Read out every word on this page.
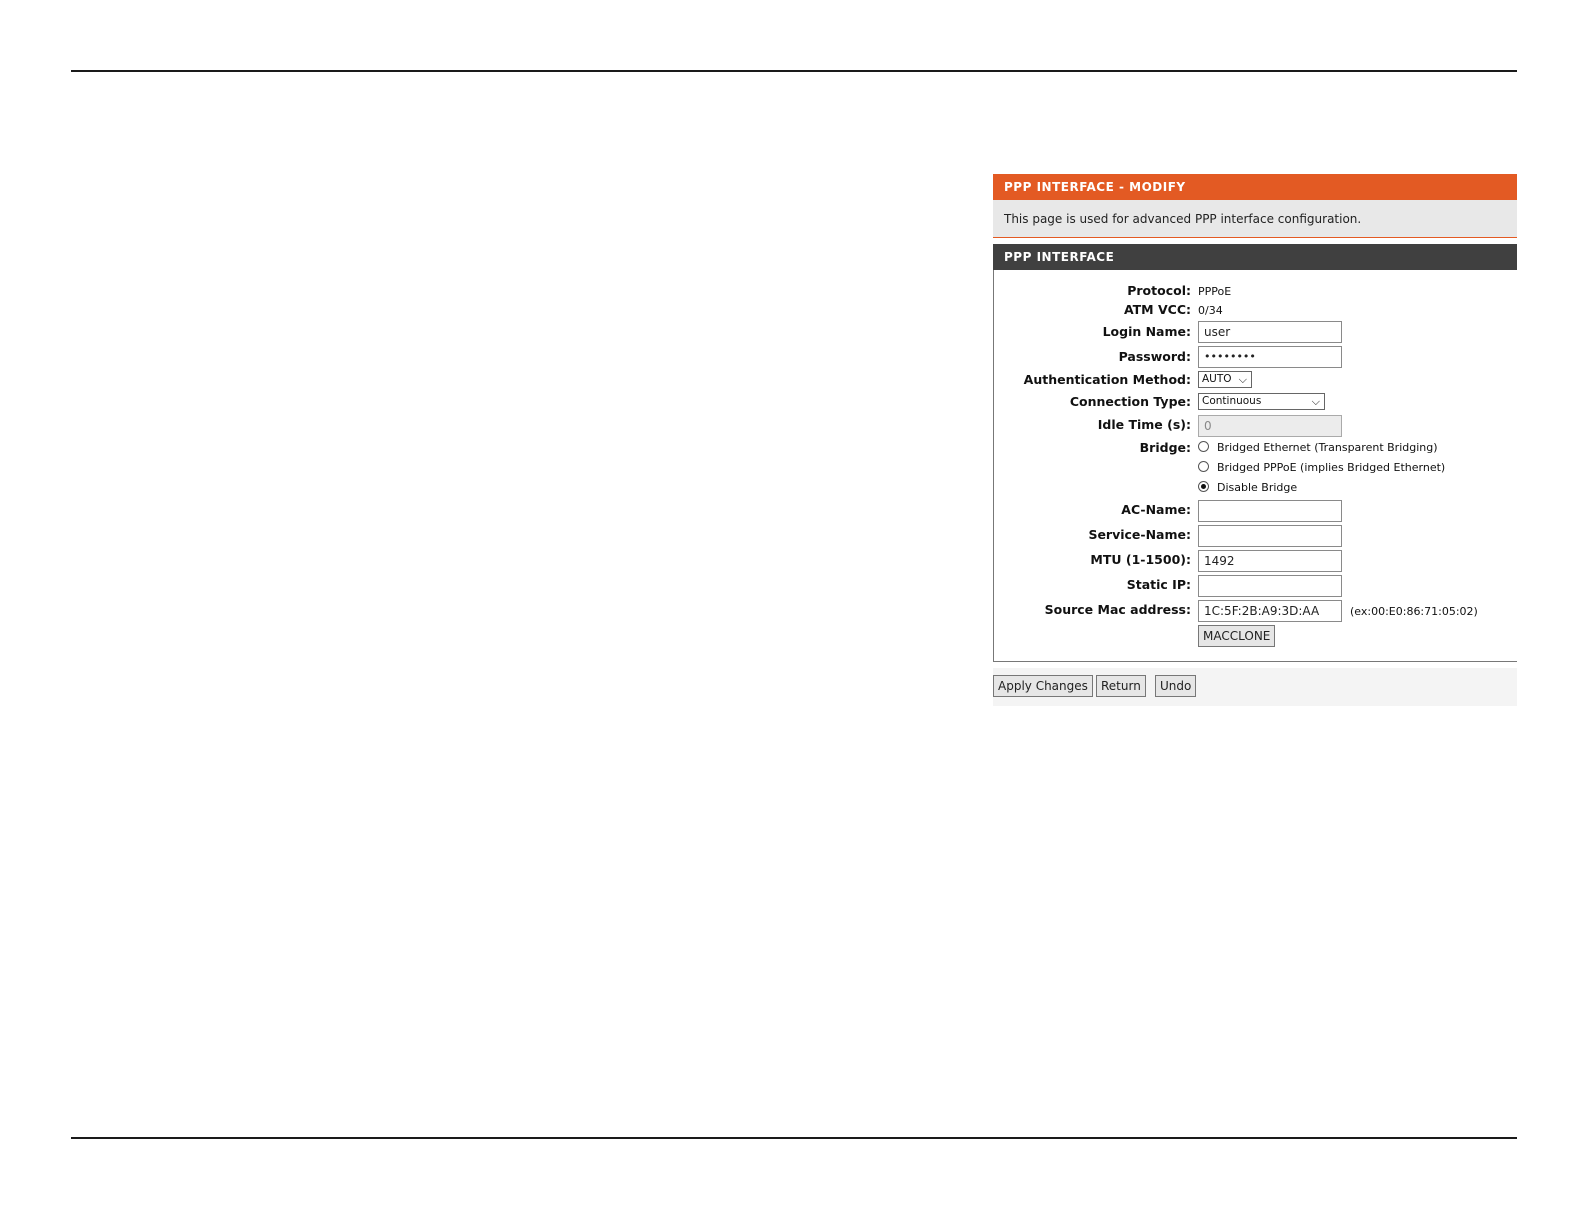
PPP INTERFACE - MODIFY
This page is used for advanced PPP interface configuration.
PPP INTERFACE
Protocol: PPPoE
ATM VCC: 0/34
Login Name:	user
Password:	••••••••
Authentication Method:	AUTO ⌵
Connection Type:	Continuous	⌵
Idle Time (s):	0
Bridge:	Bridged Ethernet (Transparent Bridging)
Bridged PPPoE (implies Bridged Ethernet)
Disable Bridge
AC-Name:
Service-Name:
MTU (1-1500):	1492
Static IP:
Source Mac address:	1C:5F:2B:A9:3D:AA	(ex:00:E0:86:71:05:02)
MACCLONE
Apply Changes	Return	Undo
